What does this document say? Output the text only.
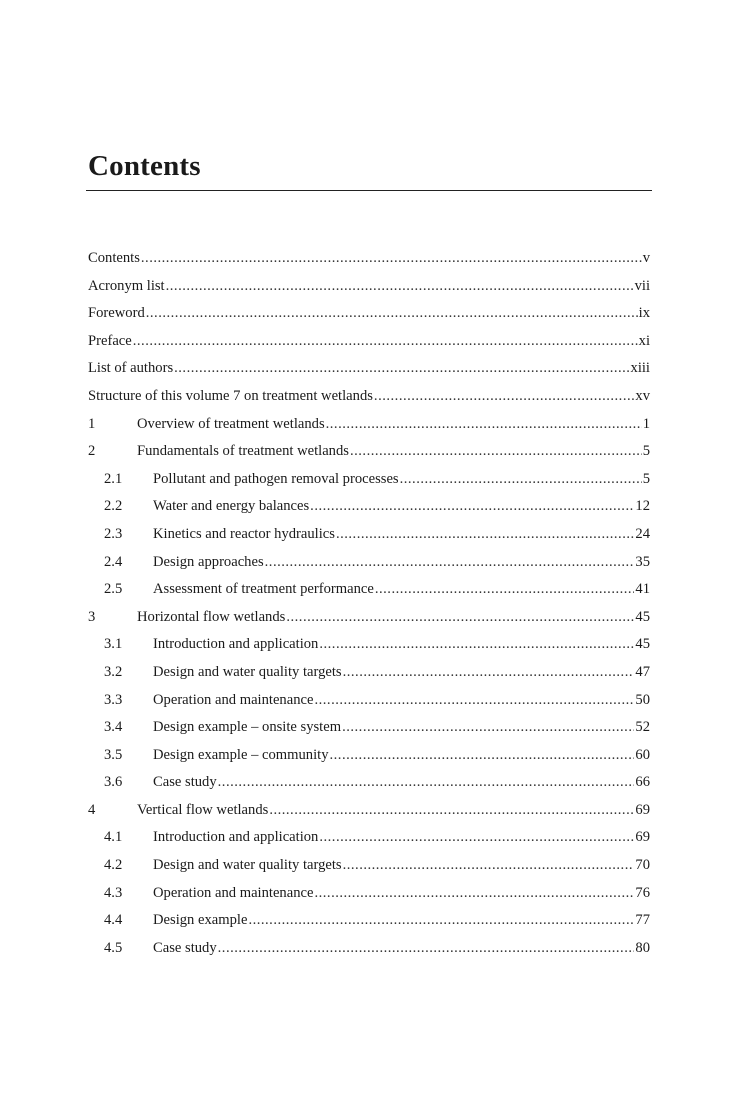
Contents
Contents .....	v
Acronym list .....	vii
Foreword .....	ix
Preface .....	xi
List of authors .....	xiii
Structure of this volume 7 on treatment wetlands .....	xv
1	Overview of treatment wetlands .....	1
2	Fundamentals of treatment wetlands .....	5
2.1	Pollutant and pathogen removal processes .....	5
2.2	Water and energy balances .....	12
2.3	Kinetics and reactor hydraulics .....	24
2.4	Design approaches .....	35
2.5	Assessment of treatment performance .....	41
3	Horizontal flow wetlands .....	45
3.1	Introduction and application .....	45
3.2	Design and water quality targets .....	47
3.3	Operation and maintenance .....	50
3.4	Design example – onsite system .....	52
3.5	Design example – community .....	60
3.6	Case study .....	66
4	Vertical flow wetlands .....	69
4.1	Introduction and application .....	69
4.2	Design and water quality targets .....	70
4.3	Operation and maintenance .....	76
4.4	Design example .....	77
4.5	Case study .....	80
